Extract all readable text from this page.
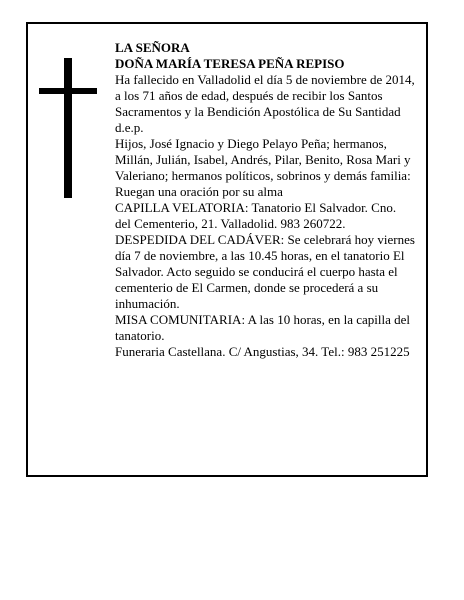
LA SEÑORA

DOÑA MARÍA TERESA PEÑA REPISO

Ha fallecido en Valladolid el día 5 de noviembre de 2014, a los 71 años de edad, después de recibir los Santos Sacramentos y la Bendición Apostólica de Su Santidad

d.e.p.

Hijos, José Ignacio y Diego Pelayo Peña; hermanos, Millán, Julián, Isabel, Andrés, Pilar, Benito, Rosa Mari y Valeriano; hermanos políticos, sobrinos y demás familia:

Ruegan una oración por su alma

CAPILLA VELATORIA: Tanatorio El Salvador. Cno. del Cementerio, 21. Valladolid. 983 260722.

DESPEDIDA DEL CADÁVER: Se celebrará hoy viernes día 7 de noviembre, a las 10.45 horas, en el tanatorio El Salvador. Acto seguido se conducirá el cuerpo hasta el cementerio de El Carmen, donde se procederá a su inhumación.

MISA COMUNITARIA: A las 10 horas, en la capilla del tanatorio.

Funeraria Castellana. C/ Angustias, 34. Tel.: 983 251225
